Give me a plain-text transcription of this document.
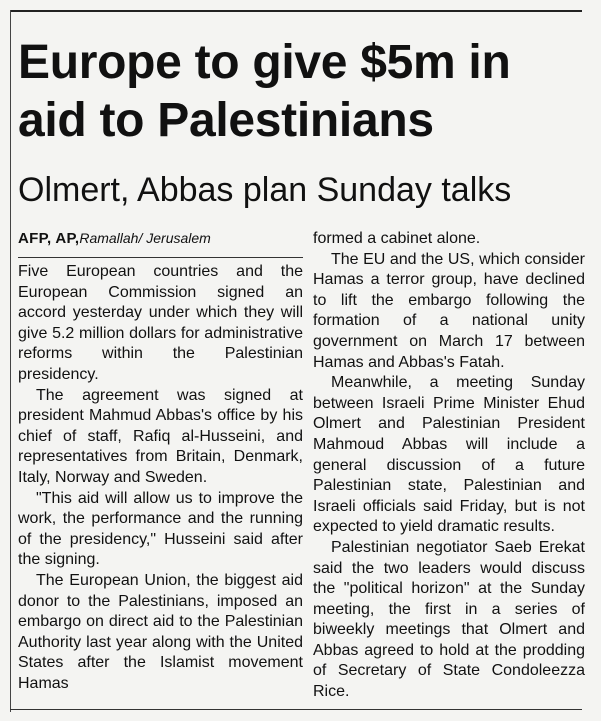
Europe to give $5m in aid to Palestinians
Olmert, Abbas plan Sunday talks
AFP, AP,Ramallah/ Jerusalem

Five European countries and the European Commission signed an accord yesterday under which they will give 5.2 million dollars for administrative reforms within the Palestinian presidency.

The agreement was signed at president Mahmud Abbas's office by his chief of staff, Rafiq al-Husseini, and representatives from Britain, Denmark, Italy, Norway and Sweden.

"This aid will allow us to improve the work, the performance and the running of the presidency," Husseini said after the signing.

The European Union, the biggest aid donor to the Palestinians, imposed an embargo on direct aid to the Palestinian Authority last year along with the United States after the Islamist movement Hamas

formed a cabinet alone.

The EU and the US, which consider Hamas a terror group, have declined to lift the embargo following the formation of a national unity government on March 17 between Hamas and Abbas's Fatah.

Meanwhile, a meeting Sunday between Israeli Prime Minister Ehud Olmert and Palestinian President Mahmoud Abbas will include a general discussion of a future Palestinian state, Palestinian and Israeli officials said Friday, but is not expected to yield dramatic results.

Palestinian negotiator Saeb Erekat said the two leaders would discuss the "political horizon" at the Sunday meeting, the first in a series of biweekly meetings that Olmert and Abbas agreed to hold at the prodding of Secretary of State Condoleezza Rice.
